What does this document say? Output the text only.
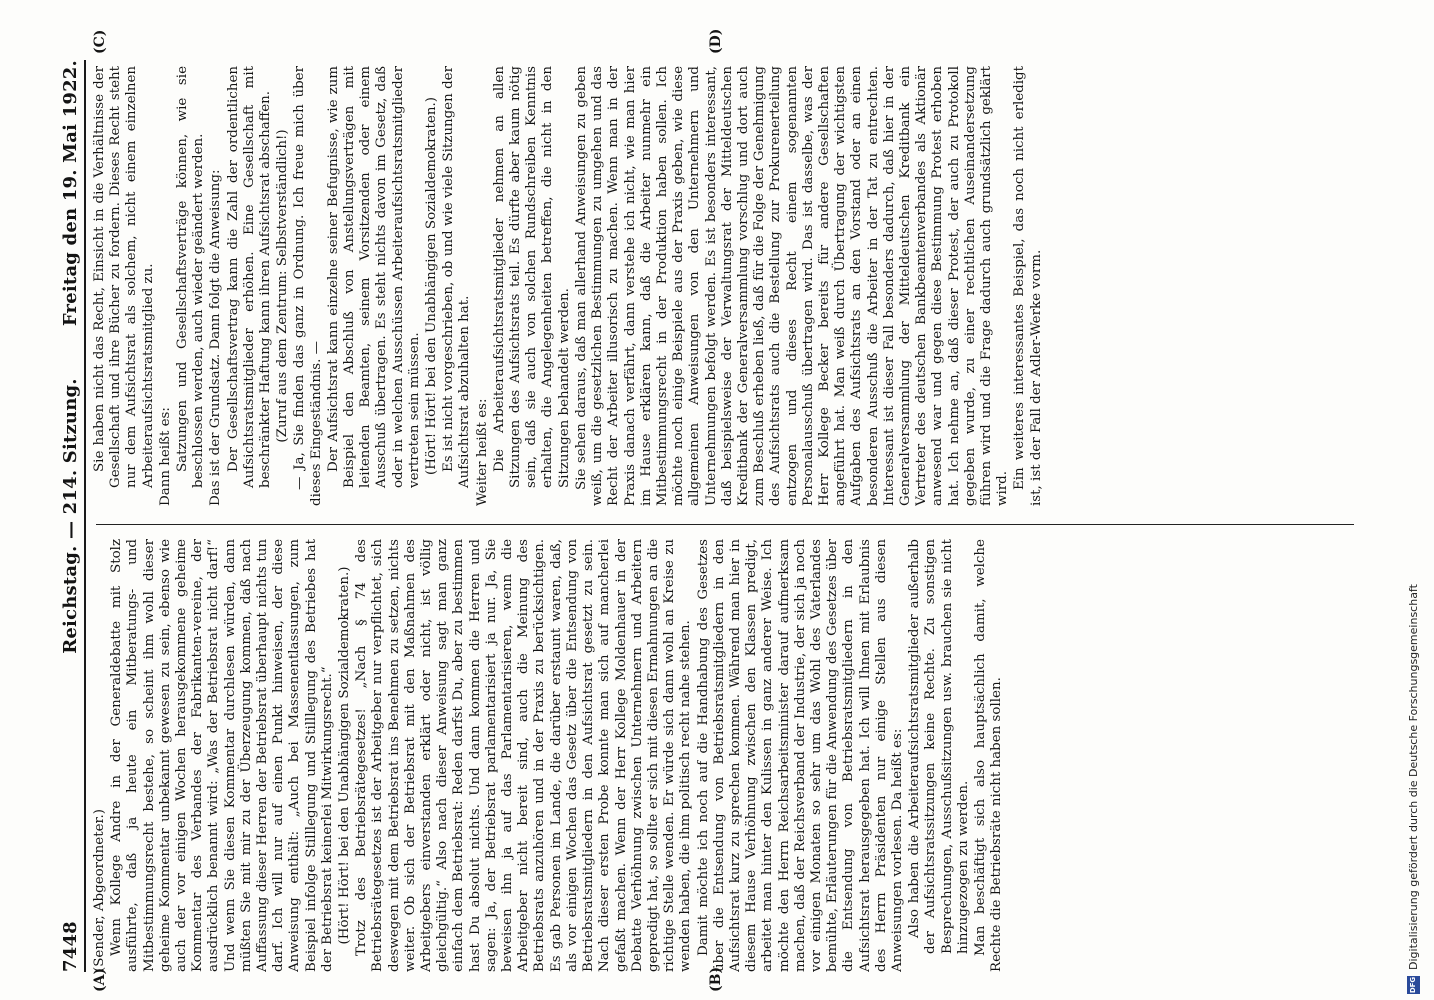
7448
Reichstag. — 214. Sitzung.
Freitag den 19. Mai 1922.
(A)	(B)
(C)	(D)

(Sender, Abgeordneter.) Wenn Kollege Andre in der Generaldebatte mit Stolz ausführte, daß ja heute ein Mitberatungs- und Mitbestimmungsrecht bestehe, so scheint ihm wohl dieser geheime Kommentar unbekannt gewesen zu sein, ebenso wie auch der vor einigen Wochen herausgekommene geheime Kommentar des Verbandes der Fabrikanten-vereine, der ausdrücklich benannt wird: „Was der Betriebsrat nicht darf!“ Und wenn Sie diesen Kommentar durchlesen würden, dann müßten Sie mit mir zu der Überzeugung kommen, daß nach Auffassung dieser Herren der Betriebsrat überhaupt nichts tun darf. Ich will nur auf einen Punkt hinweisen, der diese Anweisung enthält: „Auch bei Massenentlassungen, zum Beispiel infolge Stilllegung und Stilllegung des Betriebes hat der Betriebsrat keinerlei Mitwirkungsrecht.“ (Hört! Hört! bei den Unabhängigen Sozialdemokraten.) Trotz des Betriebsrätegesetzes! „Nach § 74 des Betriebsrätegesetzes ist der Arbeitgeber nur verpflichtet, sich deswegen mit dem Betriebsrat ins Benehmen zu setzen, nichts weiter. Ob sich der Betriebsrat mit den Maßnahmen des Arbeitgebers einverstanden erklärt oder nicht, ist völlig gleichgültig.“ Also nach dieser Anweisung sagt man ganz einfach dem Betriebsrat: Reden darfst Du, aber zu bestimmen hast Du absolut nichts. Und dann kommen die Herren und sagen: Ja, der Betriebsrat parlamentarisiert ja nur. Ja, Sie beweisen ihn ja auf das Parlamentarisieren, wenn die Arbeitgeber nicht bereit sind, auch die Meinung des Betriebsrats anzuhören und in der Praxis zu berücksichtigen. Es gab Personen im Lande, die darüber erstaunt waren, daß, als vor einigen Wochen das Gesetz über die Entsendung von Betriebsratsmitgliedern in den Aufsichtsrat gesetzt zu sein. Nach dieser ersten Probe konnte man sich auf mancherlei gefaßt machen. Wenn der Herr Kollege Moldenhauer in der Debatte Verhöhnung zwischen Unternehmern und Arbeitern gepredigt hat, so sollte er sich mit diesen Ermahnungen an die richtige Stelle wenden. Er würde sich dann wohl an Kreise zu wenden haben, die ihm politisch recht nahe stehen. Damit möchte ich noch auf die Handhabung des Gesetzes über die Entsendung von Betriebsratsmitgliedern in den Aufsichtsrat kurz zu sprechen kommen. Während man hier in diesem Hause Verhöhnung zwischen den Klassen predigt, arbeitet man hinter den Kulissen in ganz anderer Weise. Ich möchte den Herrn Reichsarbeitsminister darauf aufmerksam machen, daß der Reichsverband der Industrie, der sich ja noch vor einigen Monaten so sehr um das Wohl des Vaterlandes bemühte, Erläuterungen für die Anwendung des Gesetzes über die Entsendung von Betriebsratsmitgliedern in den Aufsichtsrat herausgegeben hat. Ich will Ihnen mit Erlaubnis des Herrn Präsidenten nur einige Stellen aus diesen Anweisungen vorlesen. Da heißt es: Also haben die Arbeiteraufsichtsratsmitglieder außerhalb der Aufsichtsratssitzungen keine Rechte. Zu sonstigen Besprechungen, Ausschußsitzungen usw. brauchen sie nicht hinzugezogen zu werden. Man beschäftigt sich also hauptsächlich damit, welche Rechte die Betriebsräte nicht haben sollen.

Sie haben nicht das Recht, Einsicht in die Verhältnisse der Gesellschaft und ihre Bücher zu fordern. Dieses Recht steht nur dem Aufsichtsrat als solchem, nicht einem einzelnen Arbeiteraufsichtsratsmitglied zu. Dann heißt es: Satzungen und Gesellschaftsverträge können, wie sie beschlossen werden, auch wieder geändert werden. Das ist der Grundsatz. Dann folgt die Anweisung: Der Gesellschaftsvertrag kann die Zahl der ordentlichen Aufsichtsratsmitglieder erhöhen. Eine Gesellschaft mit beschränkter Haftung kann ihren Aufsichtsrat abschaffen. (Zuruf aus dem Zentrum: Selbstverständlich!) — Ja, Sie finden das ganz in Ordnung. Ich freue mich über dieses Eingeständnis. — Der Aufsichtsrat kann einzelne seiner Befugnisse, wie zum Beispiel den Abschluß von Anstellungsverträgen mit leitenden Beamten, seinem Vorsitzenden oder einem Ausschuß übertragen. Es steht nichts davon im Gesetz, daß oder in welchen Ausschüssen Arbeiteraufsichtsratsmitglieder vertreten sein müssen. (Hört! Hört! bei den Unabhängigen Sozialdemokraten.) Es ist nicht vorgeschrieben, ob und wie viele Sitzungen der Aufsichtsrat abzuhalten hat. Weiter heißt es: Die Arbeiteraufsichtsratsmitglieder nehmen an allen Sitzungen des Aufsichtsrats teil. Es dürfte aber kaum nötig sein, daß sie auch von solchen Rundschreiben Kenntnis erhalten, die Angelegenheiten betreffen, die nicht in den Sitzungen behandelt werden. Sie sehen daraus, daß man allerhand Anweisungen zu geben weiß, um die gesetzlichen Bestimmungen zu umgehen und das Recht der Arbeiter illusorisch zu machen. Wenn man in der Praxis danach verfährt, dann verstehe ich nicht, wie man hier im Hause erklären kann, daß die Arbeiter nunmehr ein Mitbestimmungsrecht in der Produktion haben sollen. Ich möchte noch einige Beispiele aus der Praxis geben, wie diese allgemeinen Anweisungen von den Unternehmern und Unternehmungen befolgt werden. Es ist besonders interessant, daß beispielsweise der Verwaltungsrat der Mitteldeutschen Kreditbank der Generalversammlung vorschlug und dort auch zum Beschluß erheben ließ, daß für die Folge der Genehmigung des Aufsichtsrats auch die Bestellung zur Prokurenerteilung entzogen und dieses Recht einem sogenannten Personalausschuß übertragen wird. Das ist dasselbe, was der Herr Kollege Becker bereits für andere Gesellschaften angeführt hat. Man weiß durch Übertragung der wichtigsten Aufgaben des Aufsichtsrats an den Vorstand oder an einen besonderen Ausschuß die Arbeiter in der Tat zu entrechten. Interessant ist dieser Fall besonders dadurch, daß hier in der Generalversammlung der Mitteldeutschen Kreditbank ein Vertreter des deutschen Bankbeamtenverbandes als Aktionär anwesend war und gegen diese Bestimmung Protest erhoben hat. Ich nehme an, daß dieser Protest, der auch zu Protokoll gegeben wurde, zu einer rechtlichen Auseinandersetzung führen wird und die Frage dadurch auch grundsätzlich geklärt wird. Ein weiteres interessantes Beispiel, das noch nicht erledigt ist, ist der Fall der Adler-Werke vorm.

DFG
Digitalisierung gefördert durch die Deutsche Forschungsgemeinschaft
